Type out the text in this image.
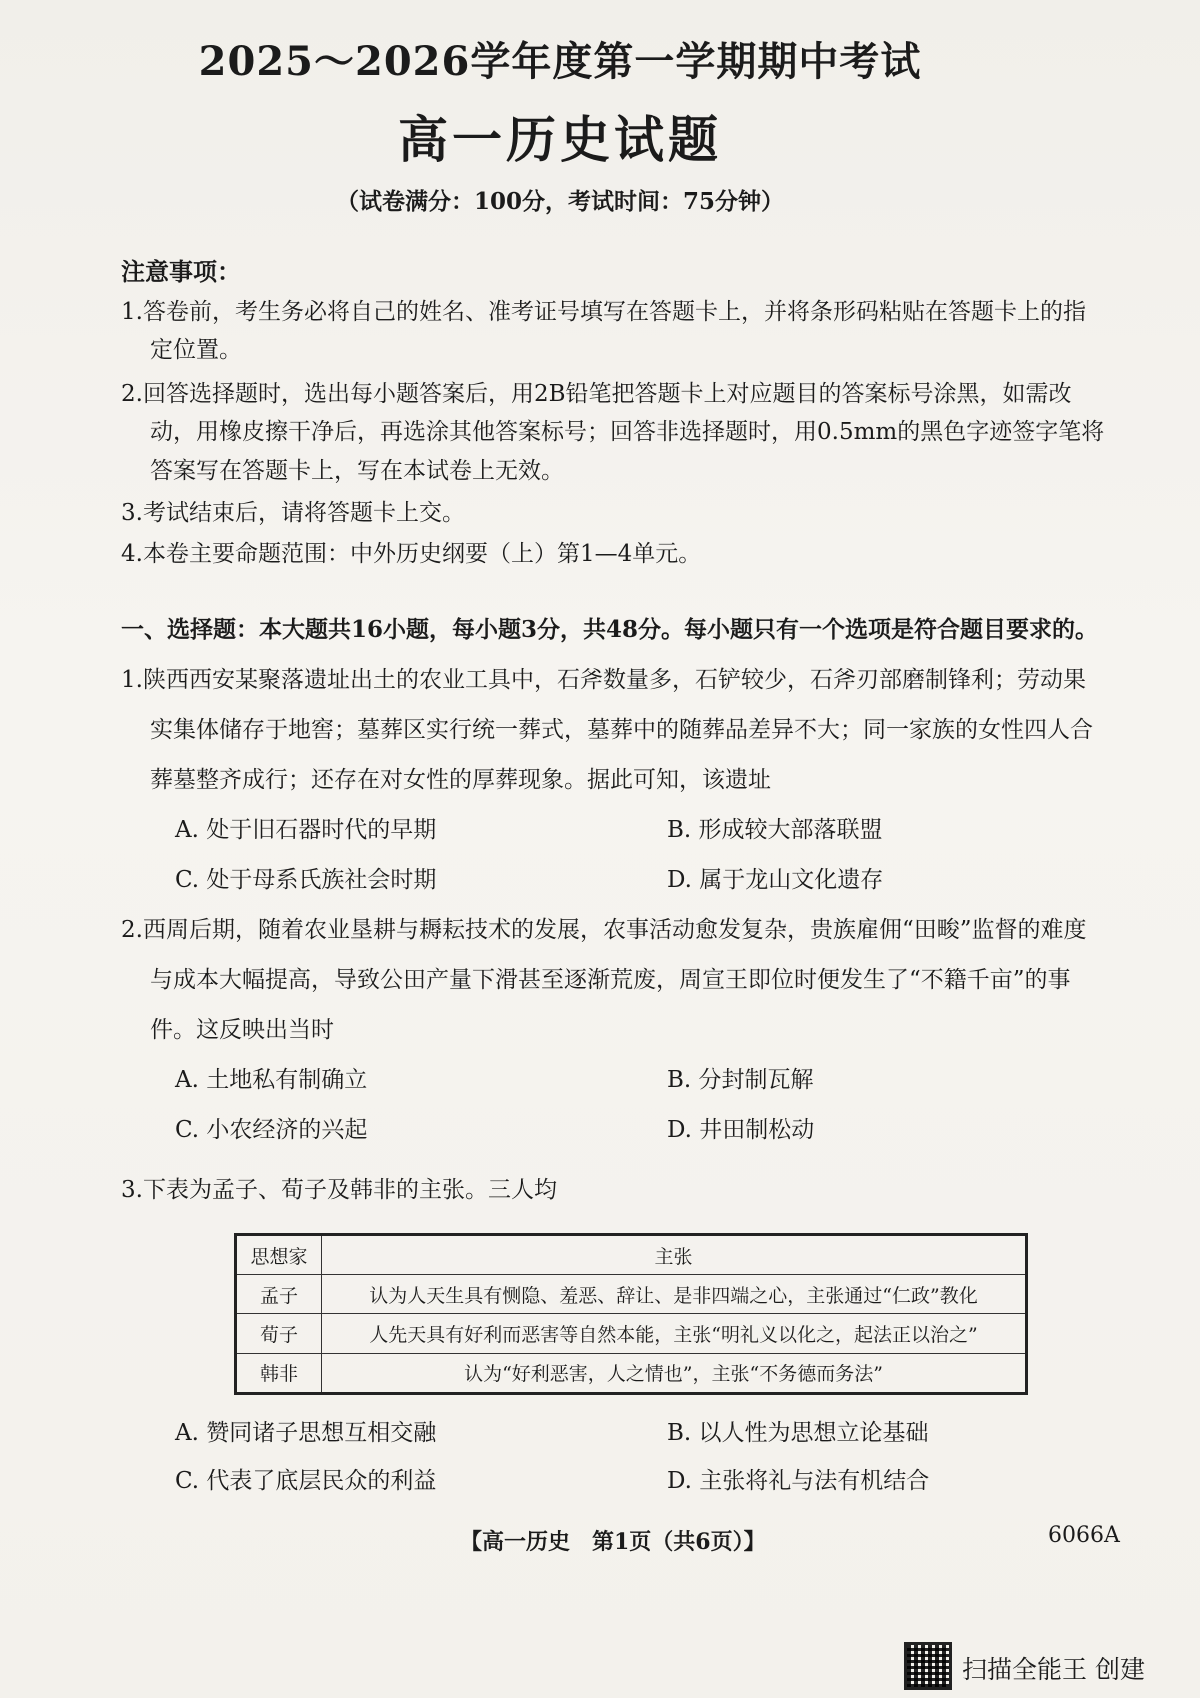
2025～2026学年度第一学期期中考试
高一历史试题
（试卷满分：100分，考试时间：75分钟）
注意事项：
1.答卷前，考生务必将自己的姓名、准考证号填写在答题卡上，并将条形码粘贴在答题卡上的指
定位置。
2.回答选择题时，选出每小题答案后，用2B铅笔把答题卡上对应题目的答案标号涂黑，如需改
动，用橡皮擦干净后，再选涂其他答案标号；回答非选择题时，用0.5mm的黑色字迹签字笔将
答案写在答题卡上，写在本试卷上无效。
3.考试结束后，请将答题卡上交。
4.本卷主要命题范围：中外历史纲要（上）第1—4单元。
一、选择题：本大题共16小题，每小题3分，共48分。每小题只有一个选项是符合题目要求的。
1.陕西西安某聚落遗址出土的农业工具中，石斧数量多，石铲较少，石斧刃部磨制锋利；劳动果
实集体储存于地窖；墓葬区实行统一葬式，墓葬中的随葬品差异不大；同一家族的女性四人合
葬墓整齐成行；还存在对女性的厚葬现象。据此可知，该遗址
A. 处于旧石器时代的早期	B. 形成较大部落联盟
C. 处于母系氏族社会时期	D. 属于龙山文化遗存
2.西周后期，随着农业垦耕与耨耘技术的发展，农事活动愈发复杂，贵族雇佣“田畯”监督的难度
与成本大幅提高，导致公田产量下滑甚至逐渐荒废，周宣王即位时便发生了“不籍千亩”的事
件。这反映出当时
A. 土地私有制确立	B. 分封制瓦解
C. 小农经济的兴起	D. 井田制松动
3.下表为孟子、荀子及韩非的主张。三人均
思想家	主张
孟子	认为人天生具有恻隐、羞恶、辞让、是非四端之心，主张通过“仁政”教化
荀子	人先天具有好利而恶害等自然本能，主张“明礼义以化之，起法正以治之”
韩非	认为“好利恶害，人之情也”，主张“不务德而务法”
A. 赞同诸子思想互相交融	B. 以人性为思想立论基础
C. 代表了底层民众的利益	D. 主张将礼与法有机结合
【高一历史　第1页（共6页）】	6066A
扫描全能王 创建
